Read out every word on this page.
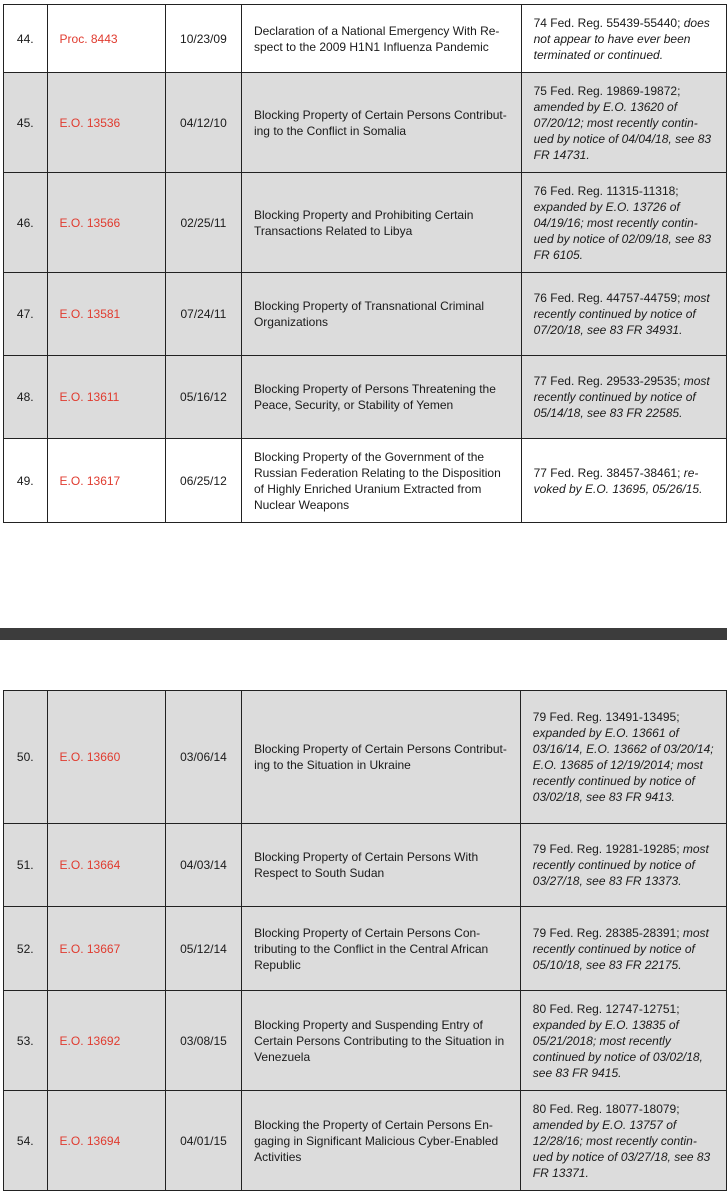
44.	Proc. 8443	10/23/09	Declaration of a National Emergency With Re-spect to the 2009 H1N1 Influenza Pandemic	74 Fed. Reg. 55439-55440; does not appear to have ever been terminated or continued.
45.	E.O. 13536	04/12/10	Blocking Property of Certain Persons Contribut-ing to the Conflict in Somalia	75 Fed. Reg. 19869-19872; amended by E.O. 13620 of 07/20/12; most recently contin-ued by notice of 04/04/18, see 83 FR 14731.
46.	E.O. 13566	02/25/11	Blocking Property and Prohibiting Certain Transactions Related to Libya	76 Fed. Reg. 11315-11318; expanded by E.O. 13726 of 04/19/16; most recently contin-ued by notice of 02/09/18, see 83 FR 6105.
47.	E.O. 13581	07/24/11	Blocking Property of Transnational Criminal Organizations	76 Fed. Reg. 44757-44759; most recently continued by notice of 07/20/18, see 83 FR 34931.
48.	E.O. 13611	05/16/12	Blocking Property of Persons Threatening the Peace, Security, or Stability of Yemen	77 Fed. Reg. 29533-29535; most recently continued by notice of 05/14/18, see 83 FR 22585.
49.	E.O. 13617	06/25/12	Blocking Property of the Government of the Russian Federation Relating to the Disposition of Highly Enriched Uranium Extracted from Nuclear Weapons	77 Fed. Reg. 38457-38461; re-voked by E.O. 13695, 05/26/15.
50.	E.O. 13660	03/06/14	Blocking Property of Certain Persons Contribut-ing to the Situation in Ukraine	79 Fed. Reg. 13491-13495; expanded by E.O. 13661 of 03/16/14, E.O. 13662 of 03/20/14; E.O. 13685 of 12/19/2014; most recently continued by notice of 03/02/18, see 83 FR 9413.
51.	E.O. 13664	04/03/14	Blocking Property of Certain Persons With Respect to South Sudan	79 Fed. Reg. 19281-19285; most recently continued by notice of 03/27/18, see 83 FR 13373.
52.	E.O. 13667	05/12/14	Blocking Property of Certain Persons Con-tributing to the Conflict in the Central African Republic	79 Fed. Reg. 28385-28391; most recently continued by notice of 05/10/18, see 83 FR 22175.
53.	E.O. 13692	03/08/15	Blocking Property and Suspending Entry of Certain Persons Contributing to the Situation in Venezuela	80 Fed. Reg. 12747-12751; expanded by E.O. 13835 of 05/21/2018; most recently continued by notice of 03/02/18, see 83 FR 9415.
54.	E.O. 13694	04/01/15	Blocking the Property of Certain Persons En-gaging in Significant Malicious Cyber-Enabled Activities	80 Fed. Reg. 18077-18079; amended by E.O. 13757 of 12/28/16; most recently contin-ued by notice of 03/27/18, see 83 FR 13371.
